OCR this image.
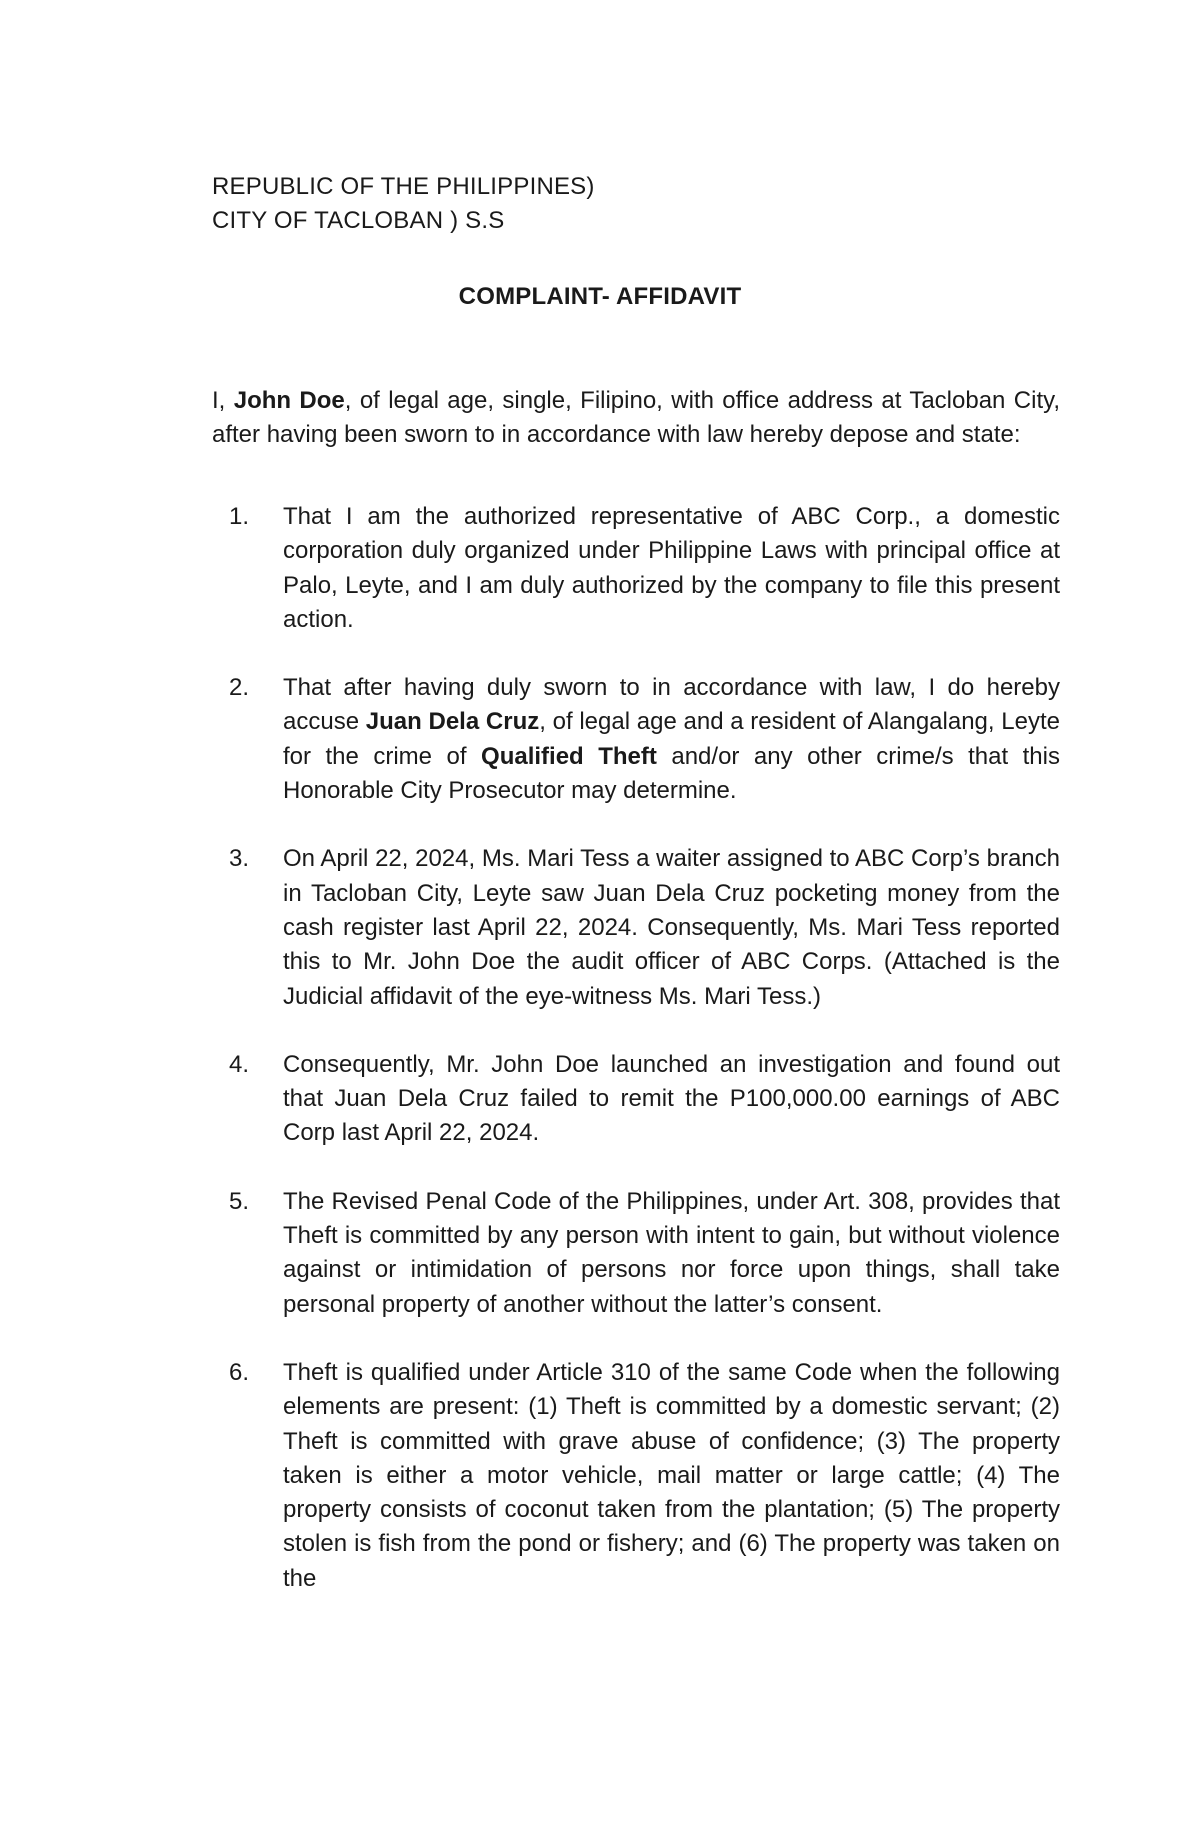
REPUBLIC OF THE PHILIPPINES)
CITY OF TACLOBAN ) S.S
COMPLAINT- AFFIDAVIT

I, John Doe, of legal age, single, Filipino, with office address at Tacloban City, after having been sworn to in accordance with law hereby depose and state:

1. That I am the authorized representative of ABC Corp., a domestic corporation duly organized under Philippine Laws with principal office at Palo, Leyte, and I am duly authorized by the company to file this present action.
2. That after having duly sworn to in accordance with law, I do hereby accuse Juan Dela Cruz, of legal age and a resident of Alangalang, Leyte for the crime of Qualified Theft and/or any other crime/s that this Honorable City Prosecutor may determine.
3. On April 22, 2024, Ms. Mari Tess a waiter assigned to ABC Corp’s branch in Tacloban City, Leyte saw Juan Dela Cruz pocketing money from the cash register last April 22, 2024. Consequently, Ms. Mari Tess reported this to Mr. John Doe the audit officer of ABC Corps. (Attached is the Judicial affidavit of the eye-witness Ms. Mari Tess.)
4. Consequently, Mr. John Doe launched an investigation and found out that Juan Dela Cruz failed to remit the P100,000.00 earnings of ABC Corp last April 22, 2024.
5. The Revised Penal Code of the Philippines, under Art. 308, provides that Theft is committed by any person with intent to gain, but without violence against or intimidation of persons nor force upon things, shall take personal property of another without the latter’s consent.
6. Theft is qualified under Article 310 of the same Code when the following elements are present: (1) Theft is committed by a domestic servant; (2) Theft is committed with grave abuse of confidence; (3) The property taken is either a motor vehicle, mail matter or large cattle; (4) The property consists of coconut taken from the plantation; (5) The property stolen is fish from the pond or fishery; and (6) The property was taken on the
